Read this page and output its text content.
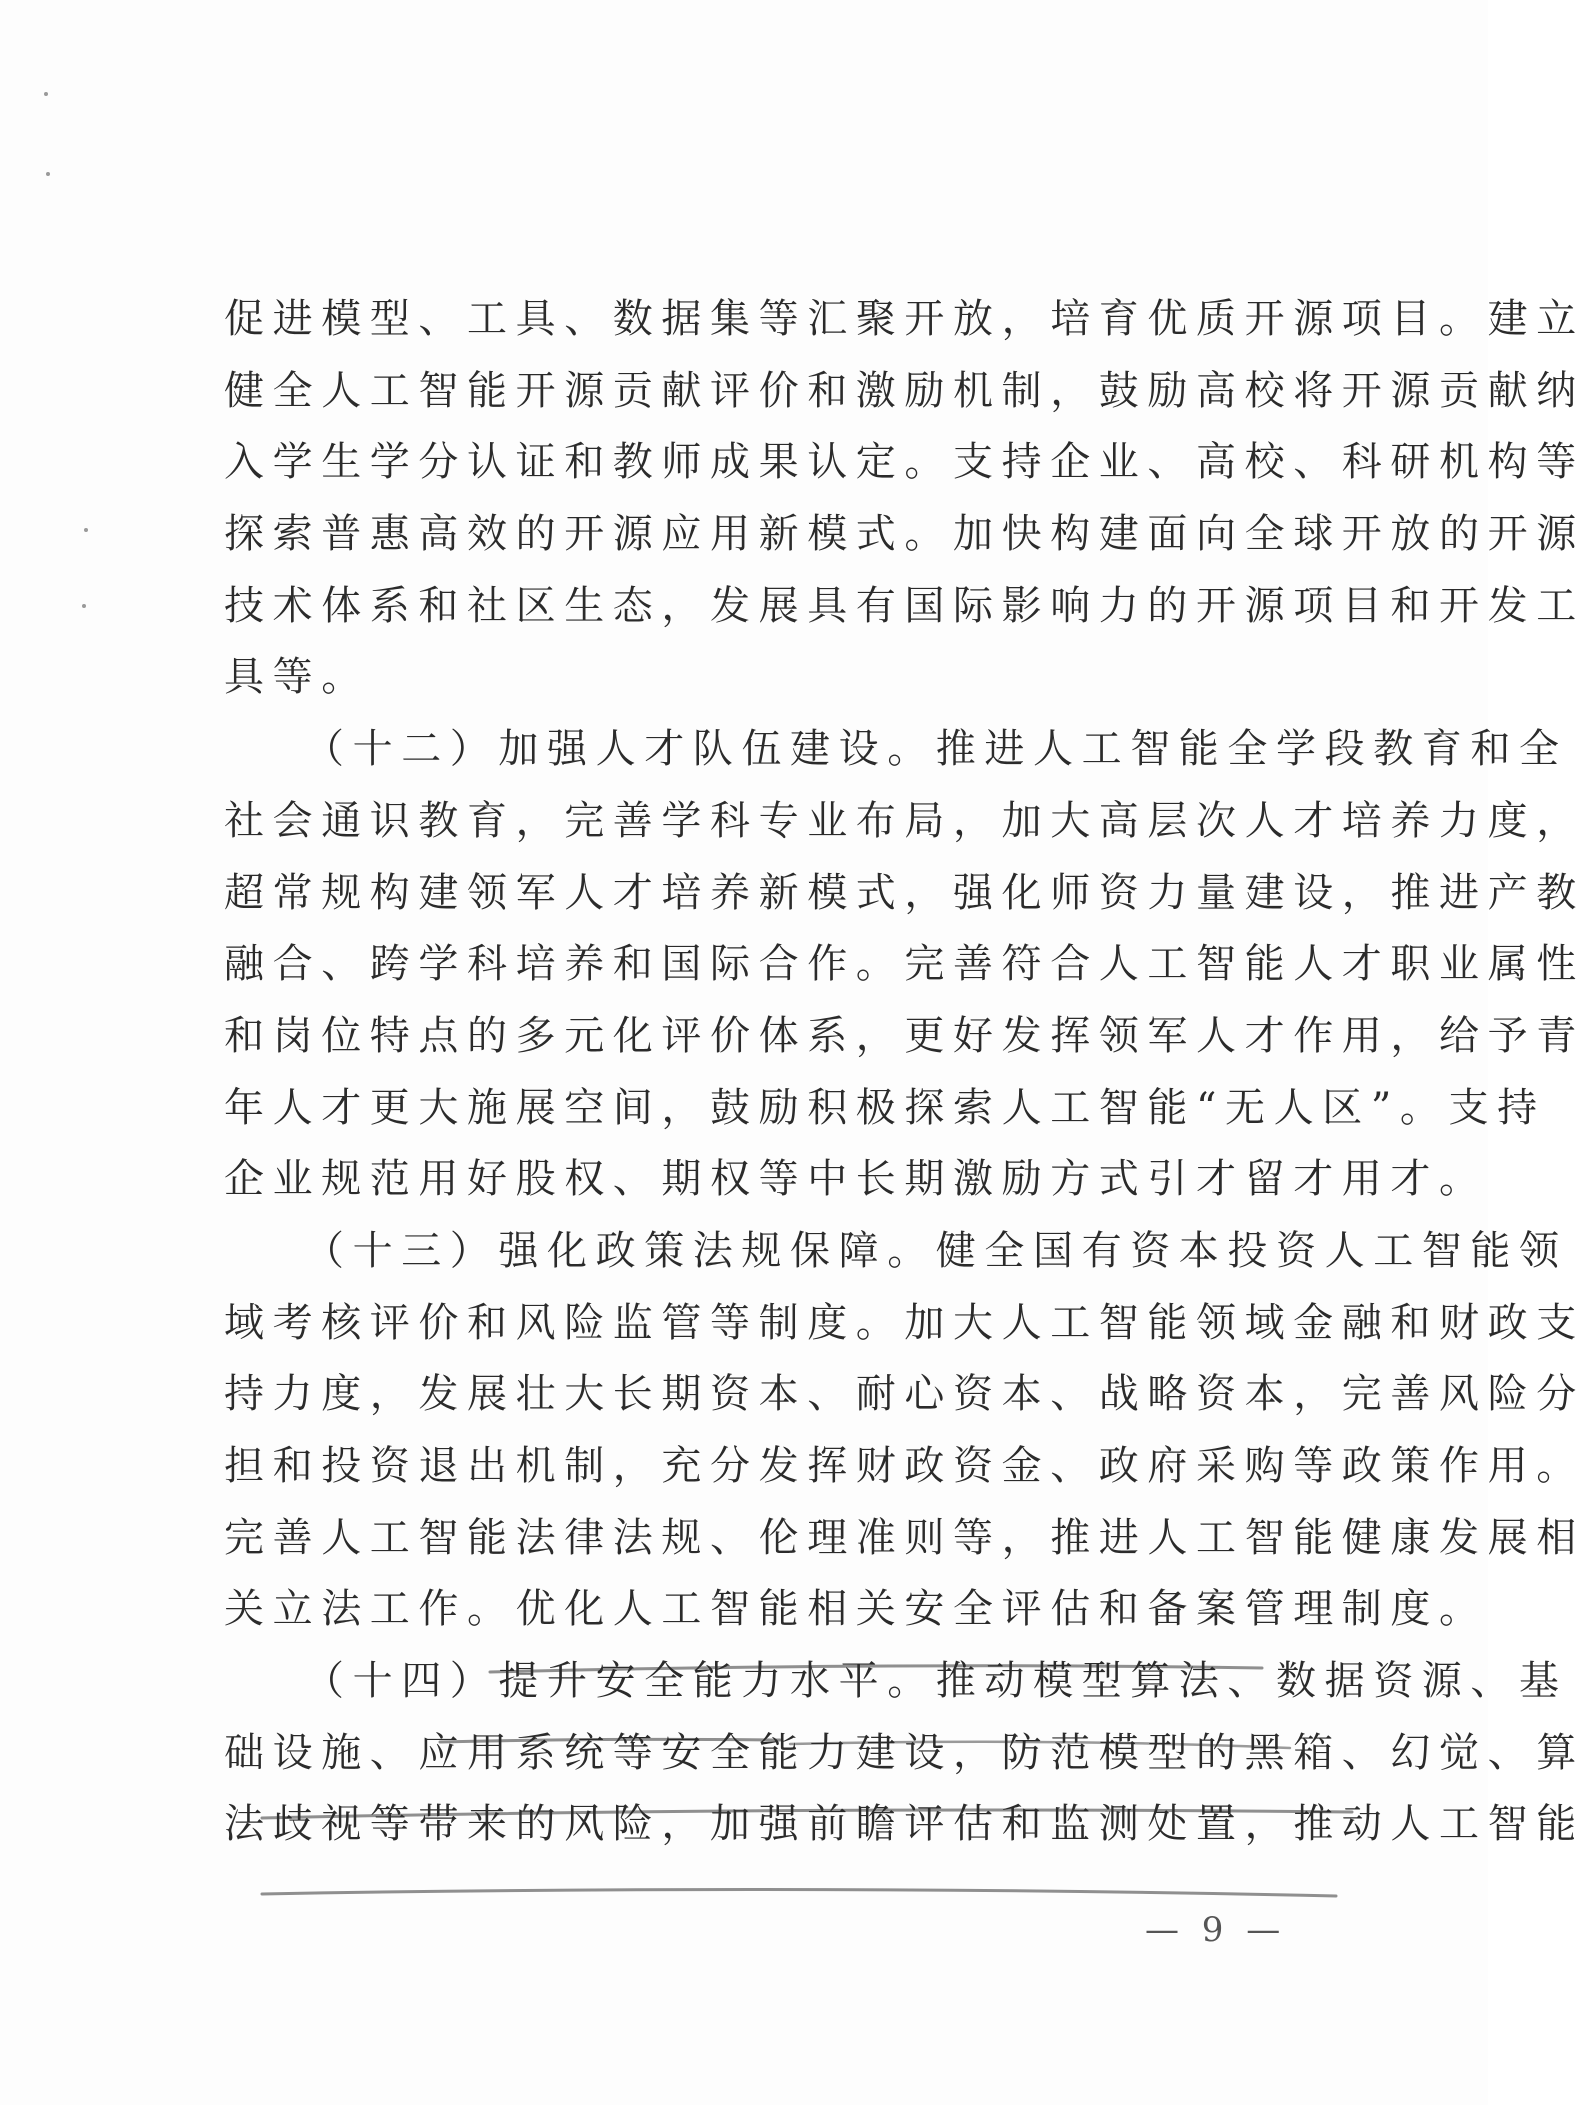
促进模型、工具、数据集等汇聚开放，培育优质开源项目。建立
健全人工智能开源贡献评价和激励机制，鼓励高校将开源贡献纳
入学生学分认证和教师成果认定。支持企业、高校、科研机构等
探索普惠高效的开源应用新模式。加快构建面向全球开放的开源
技术体系和社区生态，发展具有国际影响力的开源项目和开发工
具等。
（十二）加强人才队伍建设。推进人工智能全学段教育和全
社会通识教育，完善学科专业布局，加大高层次人才培养力度，
超常规构建领军人才培养新模式，强化师资力量建设，推进产教
融合、跨学科培养和国际合作。完善符合人工智能人才职业属性
和岗位特点的多元化评价体系，更好发挥领军人才作用，给予青
年人才更大施展空间，鼓励积极探索人工智能“无人区”。支持
企业规范用好股权、期权等中长期激励方式引才留才用才。
（十三）强化政策法规保障。健全国有资本投资人工智能领
域考核评价和风险监管等制度。加大人工智能领域金融和财政支
持力度，发展壮大长期资本、耐心资本、战略资本，完善风险分
担和投资退出机制，充分发挥财政资金、政府采购等政策作用。
完善人工智能法律法规、伦理准则等，推进人工智能健康发展相
关立法工作。优化人工智能相关安全评估和备案管理制度。
（十四）提升安全能力水平。推动模型算法、数据资源、基
础设施、应用系统等安全能力建设，防范模型的黑箱、幻觉、算
法歧视等带来的风险，加强前瞻评估和监测处置，推动人工智能
— 9 —
